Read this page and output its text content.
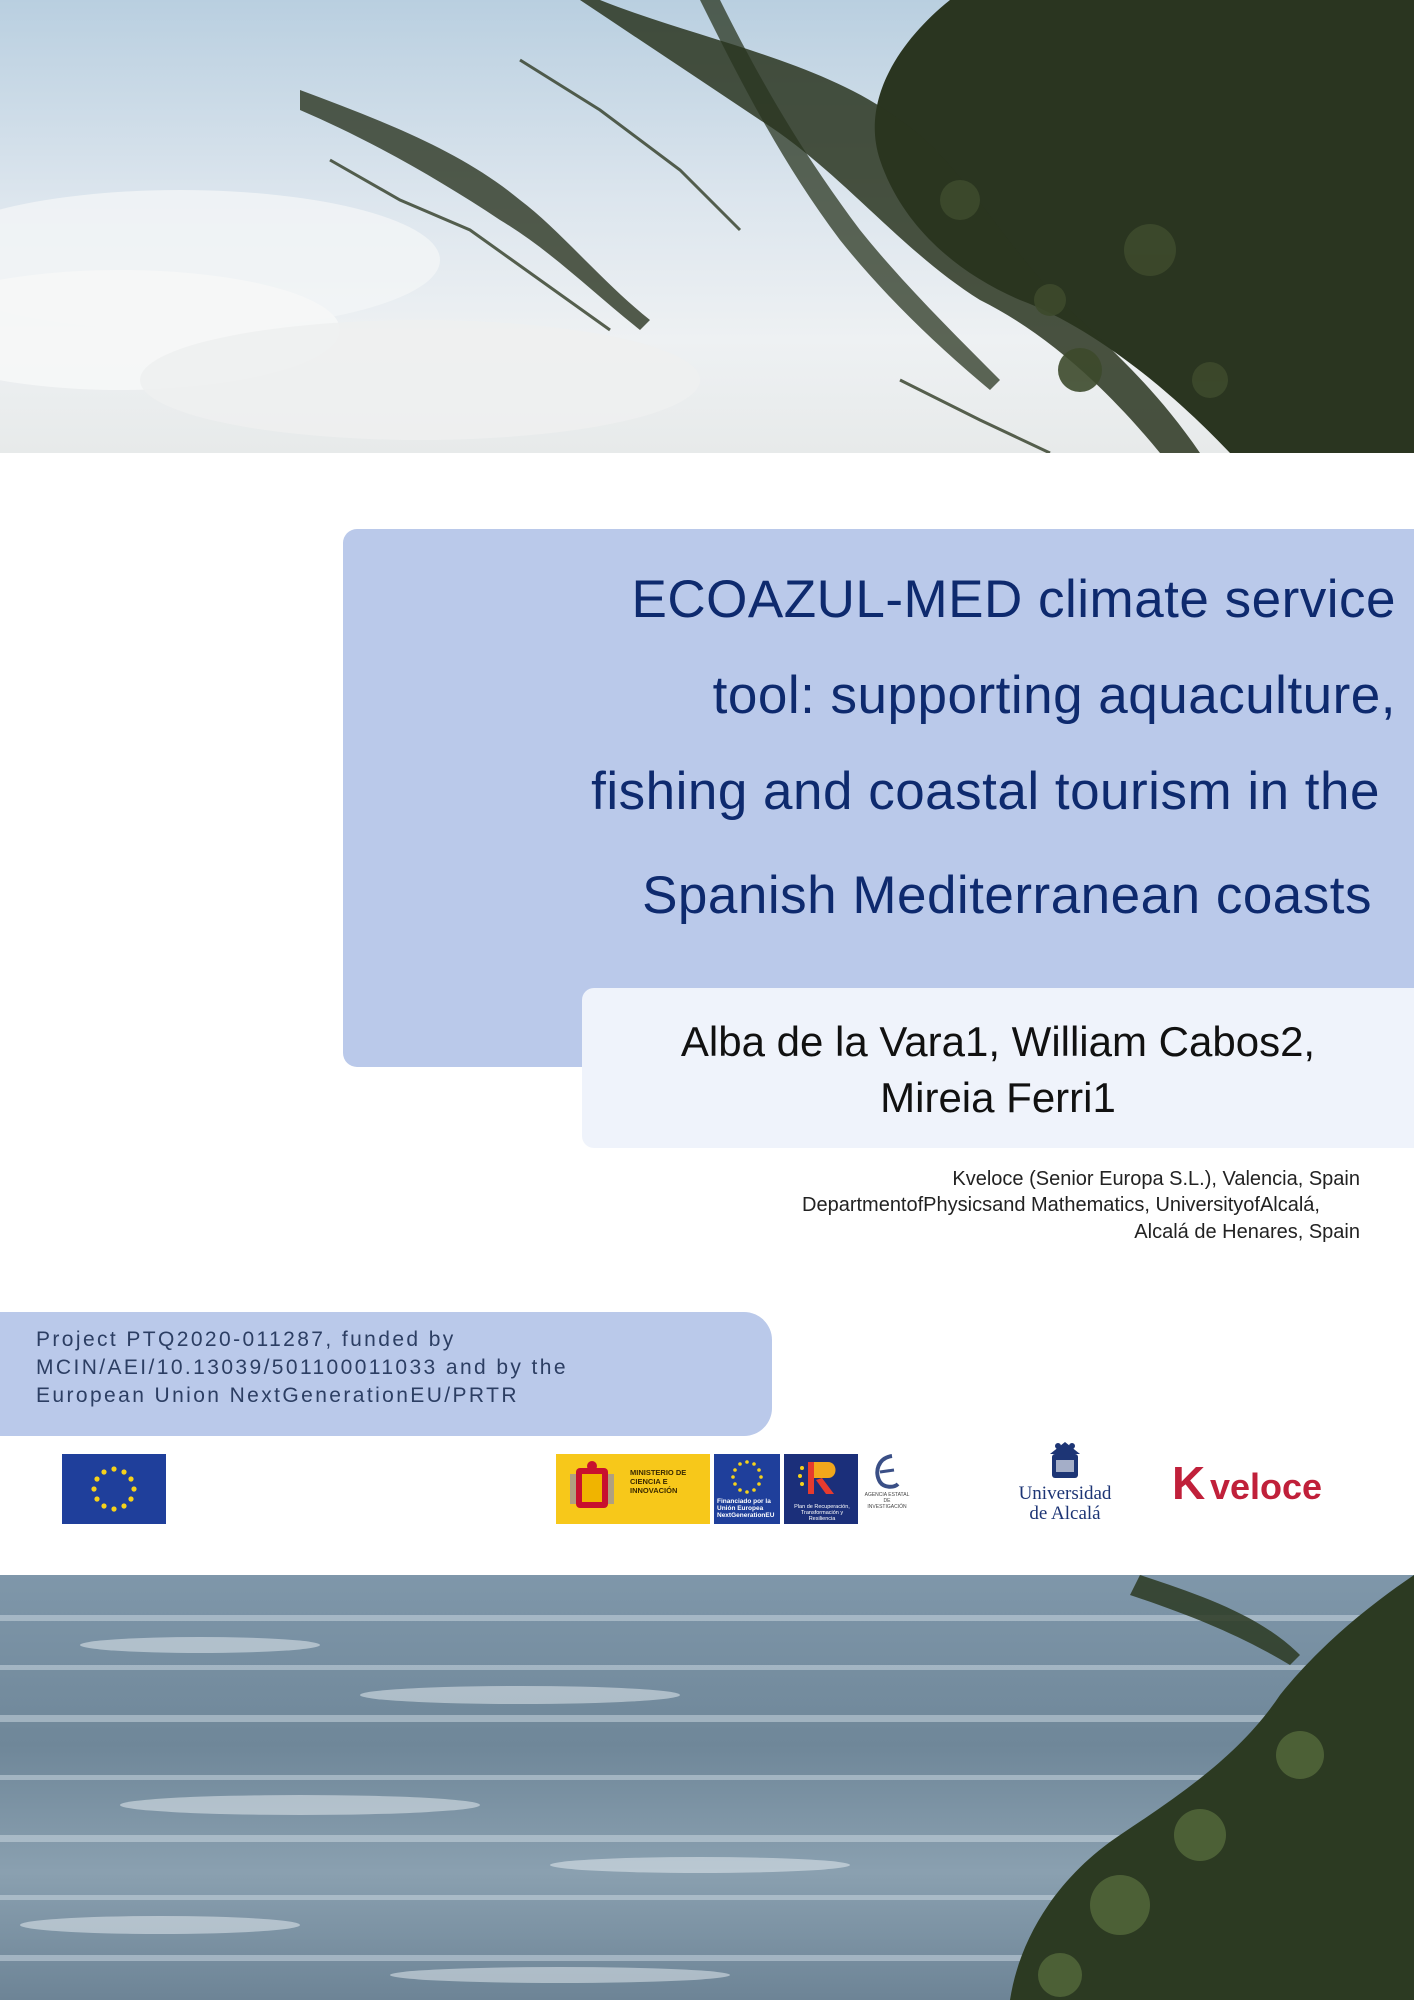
ECOAZUL-MED climate service
tool: supporting aquaculture,
fishing and coastal tourism in the
Spanish Mediterranean coasts
Alba de la Vara1, William Cabos2,
Mireia Ferri1
Kveloce (Senior Europa S.L.), Valencia, Spain
DepartmentofPhysicsand Mathematics, UniversityofAlcalá,
Alcalá de Henares, Spain
Project PTQ2020-011287, funded by
MCIN/AEI/10.13039/501100011033 and by the
European Union NextGenerationEU/PRTR
MINISTERIO DE CIENCIA E INNOVACIÓN
Financiado por la Unión Europea NextGenerationEU
Plan de Recuperación, Transformación y Resiliencia
AGENCIA ESTATAL DE INVESTIGACIÓN
Universidad
de Alcalá
K veloce
